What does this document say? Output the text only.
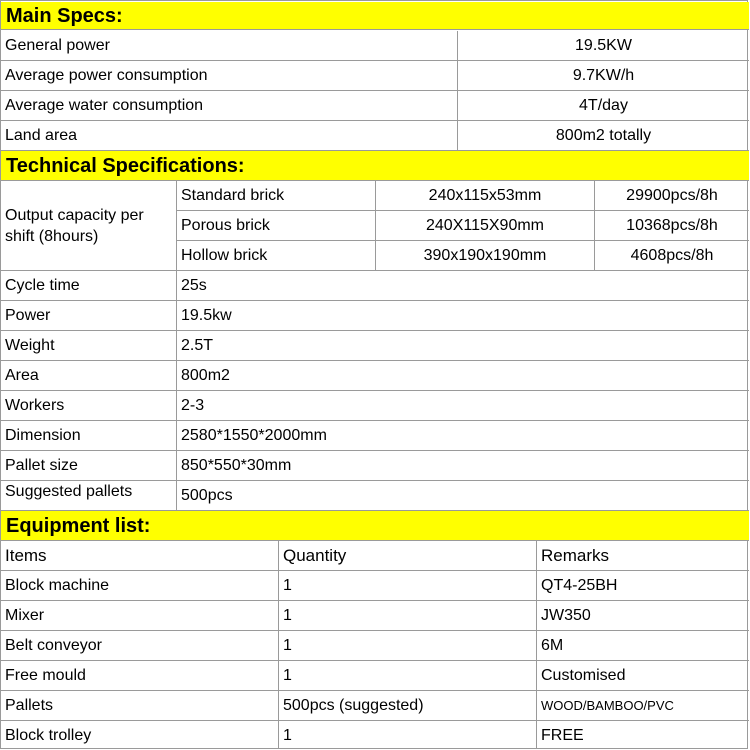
Main Specs:
General power	19.5KW
Average power consumption	9.7KW/h
Average water consumption	4T/day
Land area	800m2 totally
Technical Specifications:
Output capacity per shift (8hours)
Standard brick	240x115x53mm	29900pcs/8h
Porous brick	240X115X90mm	10368pcs/8h
Hollow brick	390x190x190mm	4608pcs/8h
Cycle time	25s
Power	19.5kw
Weight	2.5T
Area	800m2
Workers	2-3
Dimension	2580*1550*2000mm
Pallet size	850*550*30mm
Suggested pallets	500pcs
Equipment list:
Items	Quantity	Remarks
Block machine	1	QT4-25BH
Mixer	1	JW350
Belt conveyor	1	6M
Free mould	1	Customised
Pallets	500pcs (suggested)	WOOD/BAMBOO/PVC
Block trolley	1	FREE
